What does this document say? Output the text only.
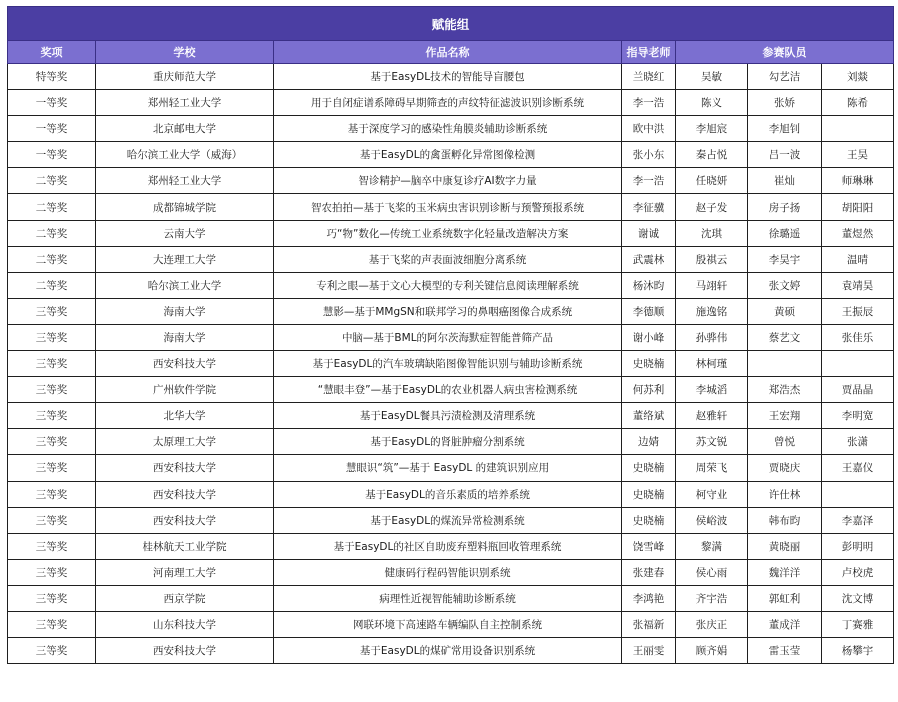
赋能组						
奖项	学校	作品名称	指导老师	参赛队员		
特等奖	重庆师范大学	基于EasyDL技术的智能导盲腰包	兰晓红	吴敏	勾艺洁	刘燚
一等奖	郑州轻工业大学	用于自闭症谱系障碍早期筛查的声纹特征滤波识别诊断系统	李一浩	陈义	张娇	陈希
一等奖	北京邮电大学	基于深度学习的感染性角膜炎辅助诊断系统	欧中洪	李旭宸	李旭钊	
一等奖	哈尔滨工业大学（威海）	基于EasyDL的禽蛋孵化异常图像检测	张小东	秦占悦	吕一波	王昊
二等奖	郑州轻工业大学	智诊精护—脑卒中康复诊疗AI数字力量	李一浩	任晓妍	崔灿	师琳琳
二等奖	成都锦城学院	智农拍拍—基于飞桨的玉米病虫害识别诊断与预警预报系统	李征骥	赵子发	房子扬	胡阳阳
二等奖	云南大学	巧“物”数化—传统工业系统数字化轻量改造解决方案	谢诚	沈琪	徐璐遥	董煜然
二等奖	大连理工大学	基于飞桨的声表面波细胞分离系统	武震林	殷祺云	李昊宇	温晴
二等奖	哈尔滨工业大学	专利之眼—基于文心大模型的专利关键信息阅读理解系统	杨沐昀	马翊轩	张文婷	袁靖昊
三等奖	海南大学	慧影—基于MMgSN和联邦学习的鼻咽癌图像合成系统	李德顺	施逸铭	黄硕	王振辰
三等奖	海南大学	中脑—基于BML的阿尔茨海默症智能普筛产品	谢小峰	孙骅伟	蔡艺文	张佳乐
三等奖	西安科技大学	基于EasyDL的汽车玻璃缺陷图像智能识别与辅助诊断系统	史晓楠	林柯瑾		
三等奖	广州软件学院	“慧眼丰登”—基于EasyDL的农业机器人病虫害检测系统	何苏利	李城滔	郑浩杰	贾晶晶
三等奖	北华大学	基于EasyDL餐具污渍检测及清理系统	董络斌	赵雅轩	王宏翔	李明宽
三等奖	太原理工大学	基于EasyDL的肾脏肿瘤分割系统	边婧	苏文锐	曾悦	张潇
三等奖	西安科技大学	慧眼识“筑”—基于 EasyDL 的建筑识别应用	史晓楠	周荣飞	贾晓庆	王嘉仪
三等奖	西安科技大学	基于EasyDL的音乐素质的培养系统	史晓楠	柯守业	许仕林	
三等奖	西安科技大学	基于EasyDL的煤流异常检测系统	史晓楠	侯峪波	韩布昀	李嘉泽
三等奖	桂林航天工业学院	基于EasyDL的社区自助废弃塑料瓶回收管理系统	饶雪峰	黎满	黄晓丽	彭明明
三等奖	河南理工大学	健康码行程码智能识别系统	张建春	侯心雨	魏洋洋	卢校虎
三等奖	西京学院	病理性近视智能辅助诊断系统	李鸿艳	齐宇浩	郭虹利	沈文博
三等奖	山东科技大学	网联环境下高速路车辆编队自主控制系统	张福新	张庆正	董成洋	丁赛雅
三等奖	西安科技大学	基于EasyDL的煤矿常用设备识别系统	王丽雯	顾齐娟	雷玉莹	杨攀宇
